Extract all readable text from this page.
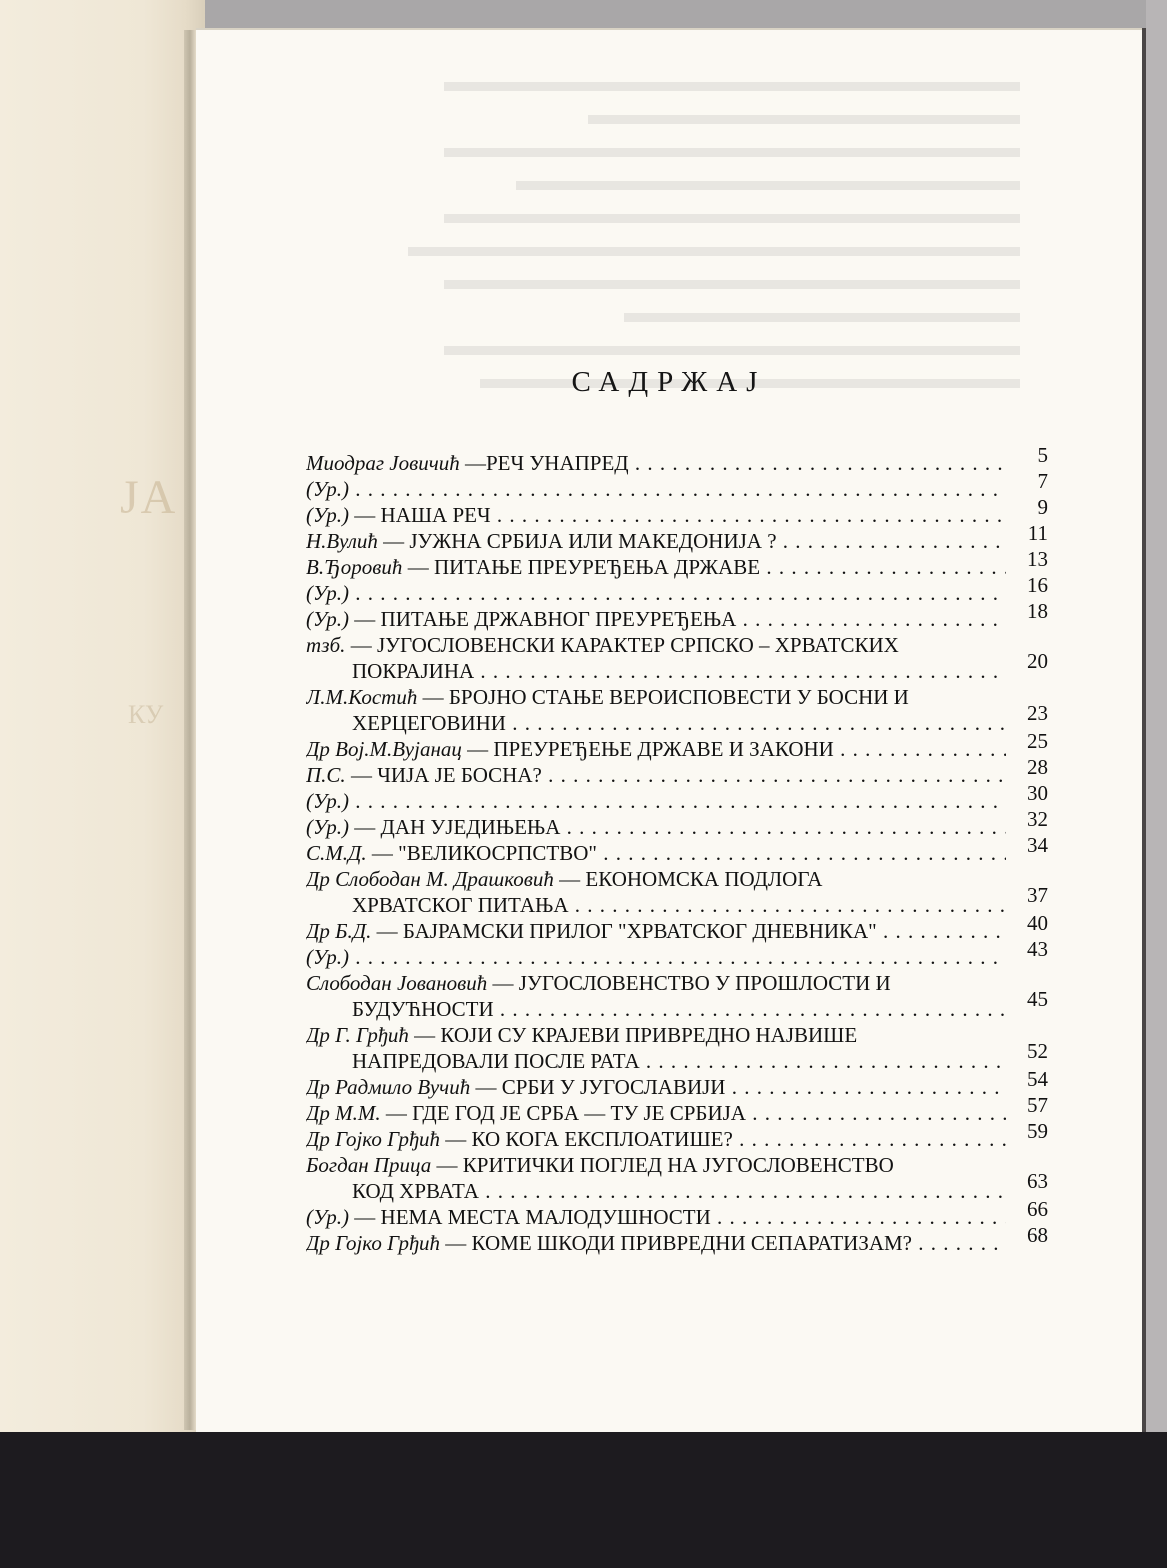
JA
КУ
САДРЖАЈ
Миодраг Јовичић —РЕЧ УНАПРЕД . . .	5
(Ур.) . . .	7
(Ур.) — НАША РЕЧ . . .	9
Н.Вулић — ЈУЖНА СРБИЈА ИЛИ МАКЕДОНИЈА ? . . .	11
В.Ђоровић — ПИТАЊЕ ПРЕУРЕЂЕЊА ДРЖАВЕ . . .	13
(Ур.) . . .	16
(Ур.) — ПИТАЊЕ ДРЖАВНОГ ПРЕУРЕЂЕЊА . . .	18
тзб. — ЈУГОСЛОВЕНСКИ КАРАКТЕР СРПСКО – ХРВАТСКИХ
ПОКРАЈИНА . . .	20
Л.М.Костић — БРОЈНО СТАЊЕ ВЕРОИСПОВЕСТИ У БОСНИ И
ХЕРЦЕГОВИНИ . . .	23
Др Вој.М.Вујанац — ПРЕУРЕЂЕЊЕ ДРЖАВЕ И ЗАКОНИ . . .	25
П.С. — ЧИЈА ЈЕ БОСНА? . . .	28
(Ур.) . . .	30
(Ур.) — ДАН УЈЕДИЊЕЊА . . .	32
С.М.Д. — "ВЕЛИКОСРПСТВО" . . .	34
Др Слободан М. Драшковић — ЕКОНОМСКА ПОДЛОГА
ХРВАТСКОГ ПИТАЊА . . .	37
Др Б.Д. — БАЈРАМСКИ ПРИЛОГ "ХРВАТСКОГ ДНЕВНИКА" . . .	40
(Ур.) . . .	43
Слободан Јовановић — ЈУГОСЛОВЕНСТВО У ПРОШЛОСТИ И
БУДУЋНОСТИ . . .	45
Др Г. Грђић — КОЈИ СУ КРАЈЕВИ ПРИВРЕДНО НАЈВИШЕ
НАПРЕДОВАЛИ ПОСЛЕ РАТА . . .	52
Др Радмило Вучић — СРБИ У ЈУГОСЛАВИЈИ . . .	54
Др М.М. — ГДЕ ГОД ЈЕ СРБА — ТУ ЈЕ СРБИЈА . . .	57
Др Гојко Грђић — КО КОГА ЕКСПЛОАТИШЕ? . . .	59
Богдан Прица — КРИТИЧКИ ПОГЛЕД НА ЈУГОСЛОВЕНСТВО
КОД ХРВАТА . . .	63
(Ур.) — НЕМА МЕСТА МАЛОДУШНОСТИ . . .	66
Др Гојко Грђић — КОМЕ ШКОДИ ПРИВРЕДНИ СЕПАРАТИЗАМ? . . .	68
